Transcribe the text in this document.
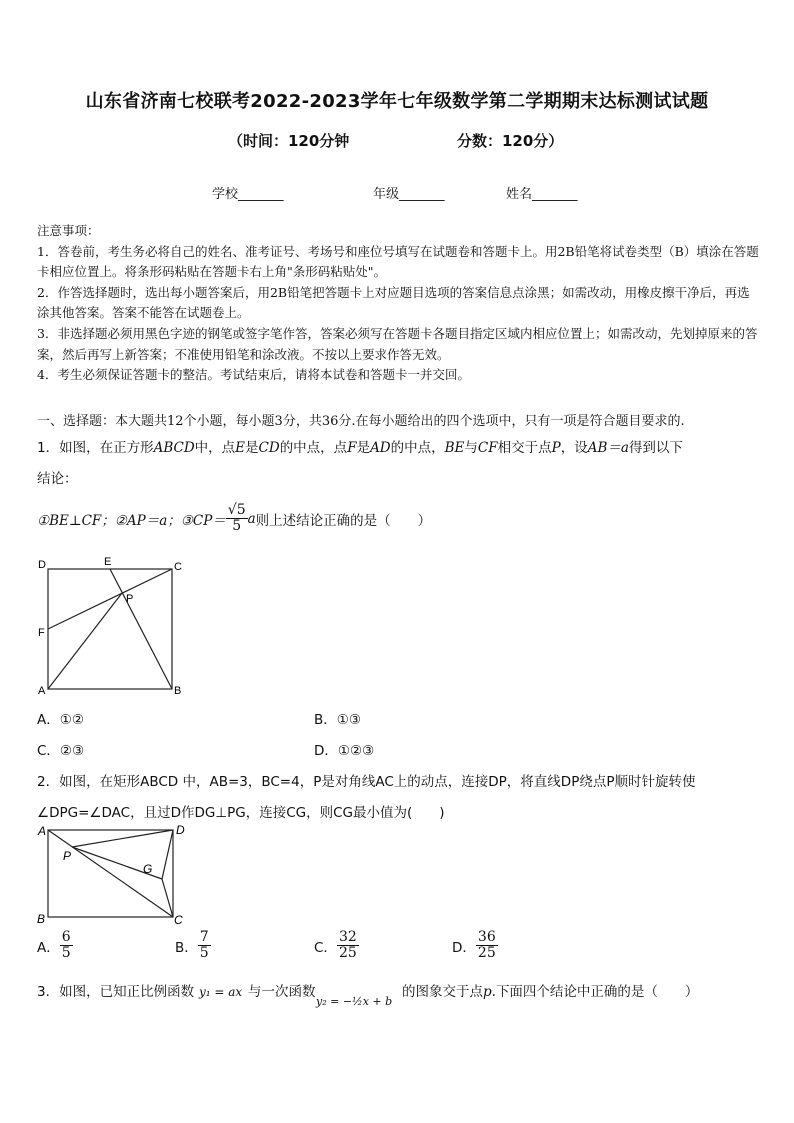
山东省济南七校联考2022-2023学年七年级数学第二学期期末达标测试试题
（时间：120分钟	分数：120分）
学校_______	年级_______	姓名_______
注意事项：
1．答卷前，考生务必将自己的姓名、准考证号、考场号和座位号填写在试题卷和答题卡上。用2B铅笔将试卷类型（B）填涂在答题卡相应位置上。将条形码粘贴在答题卡右上角"条形码粘贴处"。
2．作答选择题时，选出每小题答案后，用2B铅笔把答题卡上对应题目选项的答案信息点涂黑；如需改动，用橡皮擦干净后，再选涂其他答案。答案不能答在试题卷上。
3．非选择题必须用黑色字迹的钢笔或签字笔作答，答案必须写在答题卡各题目指定区域内相应位置上；如需改动，先划掉原来的答案，然后再写上新答案；不准使用铅笔和涂改液。不按以上要求作答无效。
4．考生必须保证答题卡的整洁。考试结束后，请将本试卷和答题卡一并交回。
一、选择题：本大题共12个小题，每小题3分，共36分.在每小题给出的四个选项中，只有一项是符合题目要求的.
1．如图，在正方形ABCD中，点E是CD的中点，点F是AD的中点，BE与CF相交于点P，设AB＝a得到以下
结论：
①BE⊥CF； ②AP＝a； ③CP＝ $\frac{√5}{5}$ a 则上述结论正确的是（　　）
D	E	C
P
F
A	B
A．①②	B．①③
C．②③	D．①②③
2．如图，在矩形ABCD 中，AB=3，BC=4，P是对角线AC上的动点，连接DP，将直线DP绕点P顺时针旋转使
∠DPG=∠DAC，且过D作DG⊥PG，连接CG，则CG最小值为(　　)
A	D
P
G
B	C
A． $\frac{6}{5}$	B． $\frac{7}{5}$	C． $\frac{32}{25}$	D． $\frac{36}{25}$
3．如图，已知正比例函数 y₁ = ax 与一次函数
y₂ = −½x + b
的图象交于点p.下面四个结论中正确的是（　　）
